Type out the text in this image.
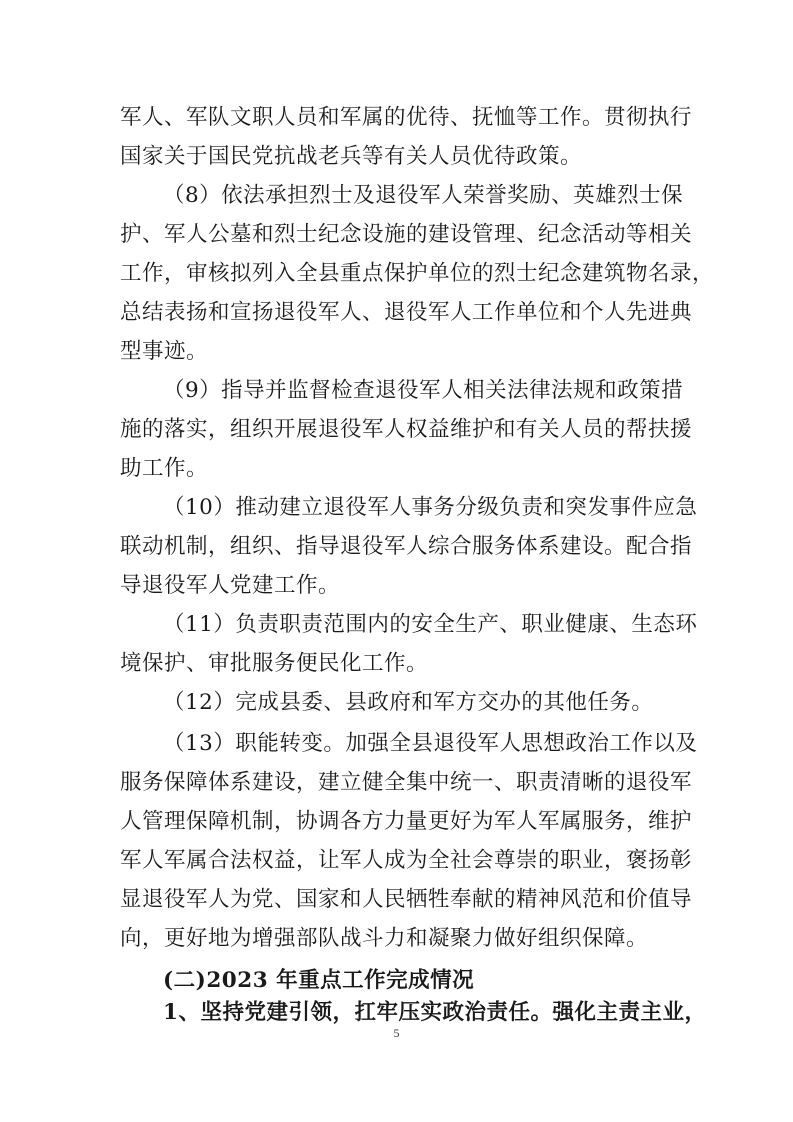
军人、军队文职人员和军属的优待、抚恤等工作。贯彻执行
国家关于国民党抗战老兵等有关人员优待政策。
（8）依法承担烈士及退役军人荣誉奖励、英雄烈士保
护、军人公墓和烈士纪念设施的建设管理、纪念活动等相关
工作，审核拟列入全县重点保护单位的烈士纪念建筑物名录，
总结表扬和宣扬退役军人、退役军人工作单位和个人先进典
型事迹。
（9）指导并监督检查退役军人相关法律法规和政策措
施的落实，组织开展退役军人权益维护和有关人员的帮扶援
助工作。
（10）推动建立退役军人事务分级负责和突发事件应急
联动机制，组织、指导退役军人综合服务体系建设。配合指
导退役军人党建工作。
（11）负责职责范围内的安全生产、职业健康、生态环
境保护、审批服务便民化工作。
（12）完成县委、县政府和军方交办的其他任务。
（13）职能转变。加强全县退役军人思想政治工作以及
服务保障体系建设，建立健全集中统一、职责清晰的退役军
人管理保障机制，协调各方力量更好为军人军属服务，维护
军人军属合法权益，让军人成为全社会尊崇的职业，褒扬彰
显退役军人为党、国家和人民牺牲奉献的精神风范和价值导
向，更好地为增强部队战斗力和凝聚力做好组织保障。
(二)2023 年重点工作完成情况
1、坚持党建引领，扛牢压实政治责任。强化主责主业，
5
